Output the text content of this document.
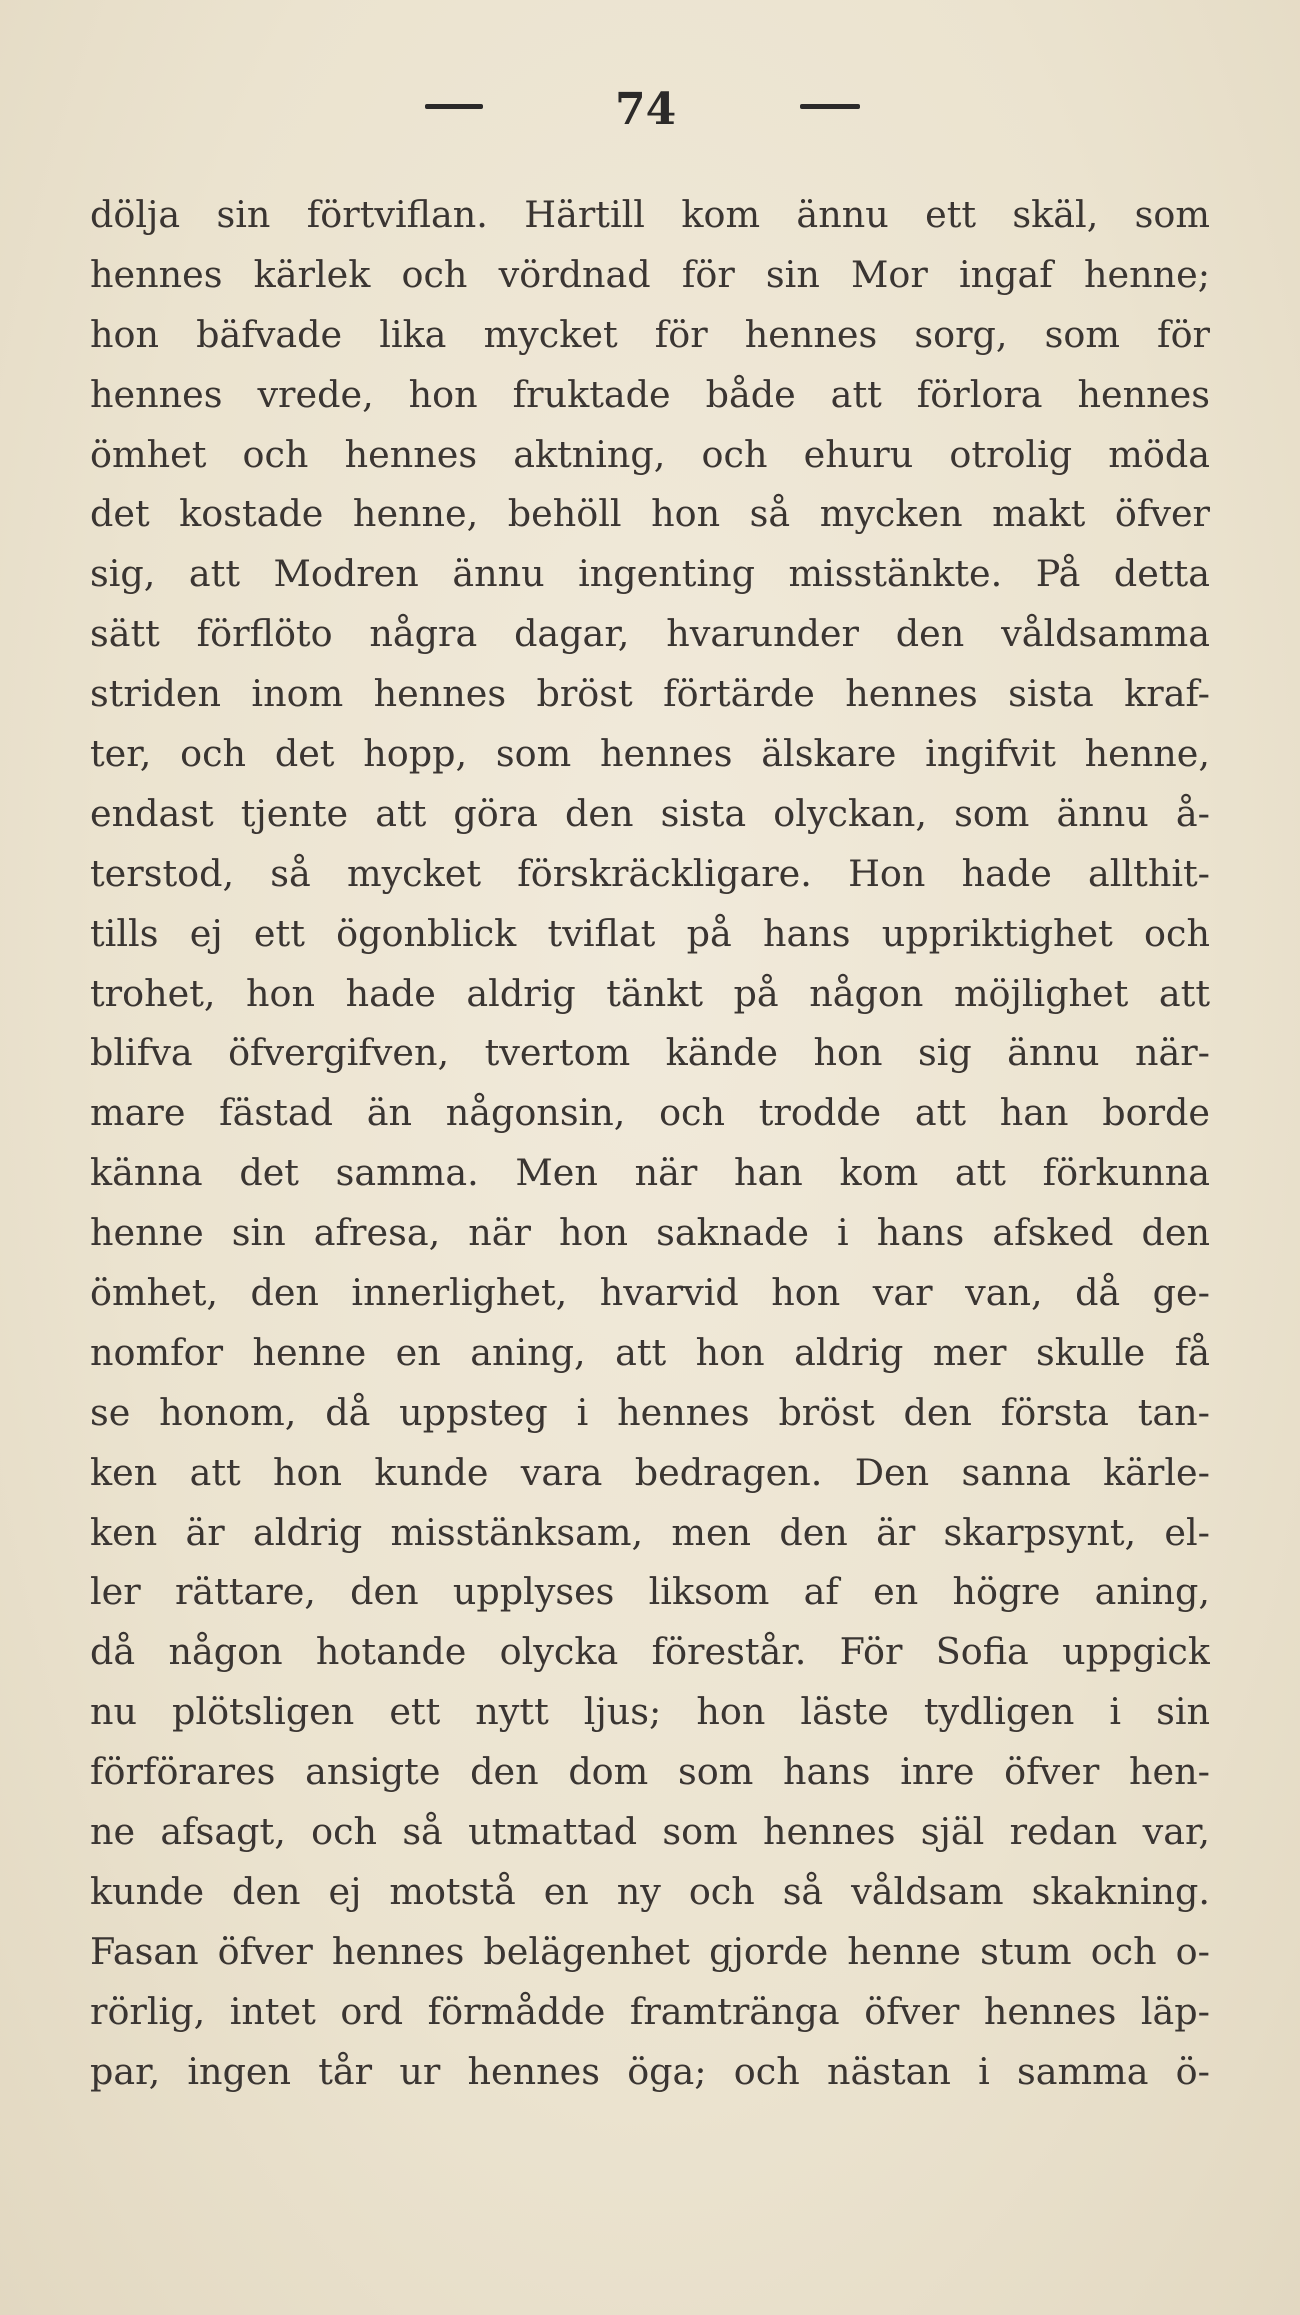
74
dölja sin förtviflan. Härtill kom ännu ett skäl, som
hennes kärlek och vördnad för sin Mor ingaf henne;
hon bäfvade lika mycket för hennes sorg, som för
hennes vrede, hon fruktade både att förlora hennes
ömhet och hennes aktning, och ehuru otrolig möda
det kostade henne, behöll hon så mycken makt öfver
sig, att Modren ännu ingenting misstänkte. På detta
sätt förflöto några dagar, hvarunder den våldsamma
striden inom hennes bröst förtärde hennes sista kraf-
ter, och det hopp, som hennes älskare ingifvit henne,
endast tjente att göra den sista olyckan, som ännu å-
terstod, så mycket förskräckligare. Hon hade allthit-
tills ej ett ögonblick tviflat på hans uppriktighet och
trohet, hon hade aldrig tänkt på någon möjlighet att
blifva öfvergifven, tvertom kände hon sig ännu när-
mare fästad än någonsin, och trodde att han borde
känna det samma. Men när han kom att förkunna
henne sin afresa, när hon saknade i hans afsked den
ömhet, den innerlighet, hvarvid hon var van, då ge-
nomfor henne en aning, att hon aldrig mer skulle få
se honom, då uppsteg i hennes bröst den första tan-
ken att hon kunde vara bedragen. Den sanna kärle-
ken är aldrig misstänksam, men den är skarpsynt, el-
ler rättare, den upplyses liksom af en högre aning,
då någon hotande olycka förestår. För Sofia uppgick
nu plötsligen ett nytt ljus; hon läste tydligen i sin
förförares ansigte den dom som hans inre öfver hen-
ne afsagt, och så utmattad som hennes själ redan var,
kunde den ej motstå en ny och så våldsam skakning.
Fasan öfver hennes belägenhet gjorde henne stum och o-
rörlig, intet ord förmådde framtränga öfver hennes läp-
par, ingen tår ur hennes öga; och nästan i samma ö-
